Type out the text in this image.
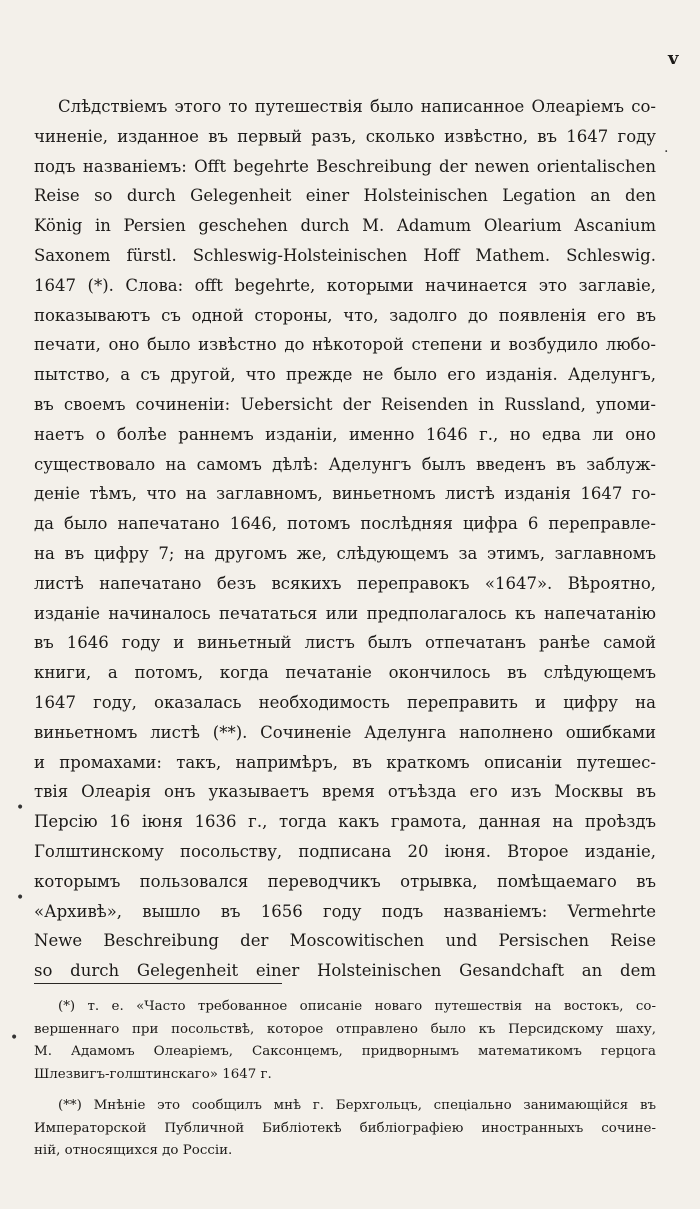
v
Слѣдствіемъ этого то путешествія было написанное Олеаріемъ со-
чиненіе, изданное въ первый разъ, сколько извѣстно, въ 1647 году
подъ названіемъ: Offt begehrte Beschreibung der newen orientalischen
Reise so durch Gelegenheit einer Holsteinischen Legation an den
König in Persien geschehen durch M. Adamum Olearium Ascanium
Saxonem fürstl. Schleswig-Holsteinischen Hoff Mathem. Schleswig.
1647 (*). Слова: offt begehrte, которыми начинается это заглавіе,
показываютъ съ одной стороны, что, задолго до появленія его въ
печати, оно было извѣстно до нѣкоторой степени и возбудило любо-
пытство, а съ другой, что прежде не было его изданія. Аделунгъ,
въ своемъ сочиненіи: Uebersicht der Reisenden in Russland, упоми-
наетъ о болѣе раннемъ изданіи, именно 1646 г., но едва ли оно
существовало на самомъ дѣлѣ: Аделунгъ былъ введенъ въ заблуж-
деніе тѣмъ, что на заглавномъ, виньетномъ листѣ изданія 1647 го-
да было напечатано 1646, потомъ послѣдняя цифра 6 переправле-
на въ цифру 7; на другомъ же, слѣдующемъ за этимъ, заглавномъ
листѣ напечатано безъ всякихъ переправокъ «1647». Вѣроятно,
изданіе начиналось печататься или предполагалось къ напечатанію
въ 1646 году и виньетный листъ былъ отпечатанъ ранѣе самой
книги, а потомъ, когда печатаніе окончилось въ слѣдующемъ
1647 году, оказалась необходимость переправить и цифру на
виньетномъ листѣ (**). Сочиненіе Аделунга наполнено ошибками
и промахами: такъ, напримѣръ, въ краткомъ описаніи путешес-
твія Олеарія онъ указываетъ время отъѣзда его изъ Москвы въ
Персію 16 іюня 1636 г., тогда какъ грамота, данная на проѣздъ
Голштинскому посольству, подписана 20 іюня. Второе изданіе,
которымъ пользовался переводчикъ отрывка, помѣщаемаго въ
«Архивѣ», вышло въ 1656 году подъ названіемъ: Vermehrte
Newe Beschreibung der Moscowitischen und Persischen Reise
so durch Gelegenheit einer Holsteinischen Gesandchaft an dem
.
•
•
•
(*) т. е. «Часто требованное описаніе новаго путешествія на востокъ, со-
вершеннаго при посольствѣ, которое отправлено было къ Персидскому шаху,
М. Адамомъ Олеаріемъ, Саксонцемъ, придворнымъ математикомъ герцога
Шлезвигъ-голштинскаго» 1647 г.
(**) Мнѣніе это сообщилъ мнѣ г. Берхгольцъ, спеціально занимающійся въ
Императорской Публичной Библіотекѣ библіографіею иностранныхъ сочине-
ній, относящихся до Россіи.
